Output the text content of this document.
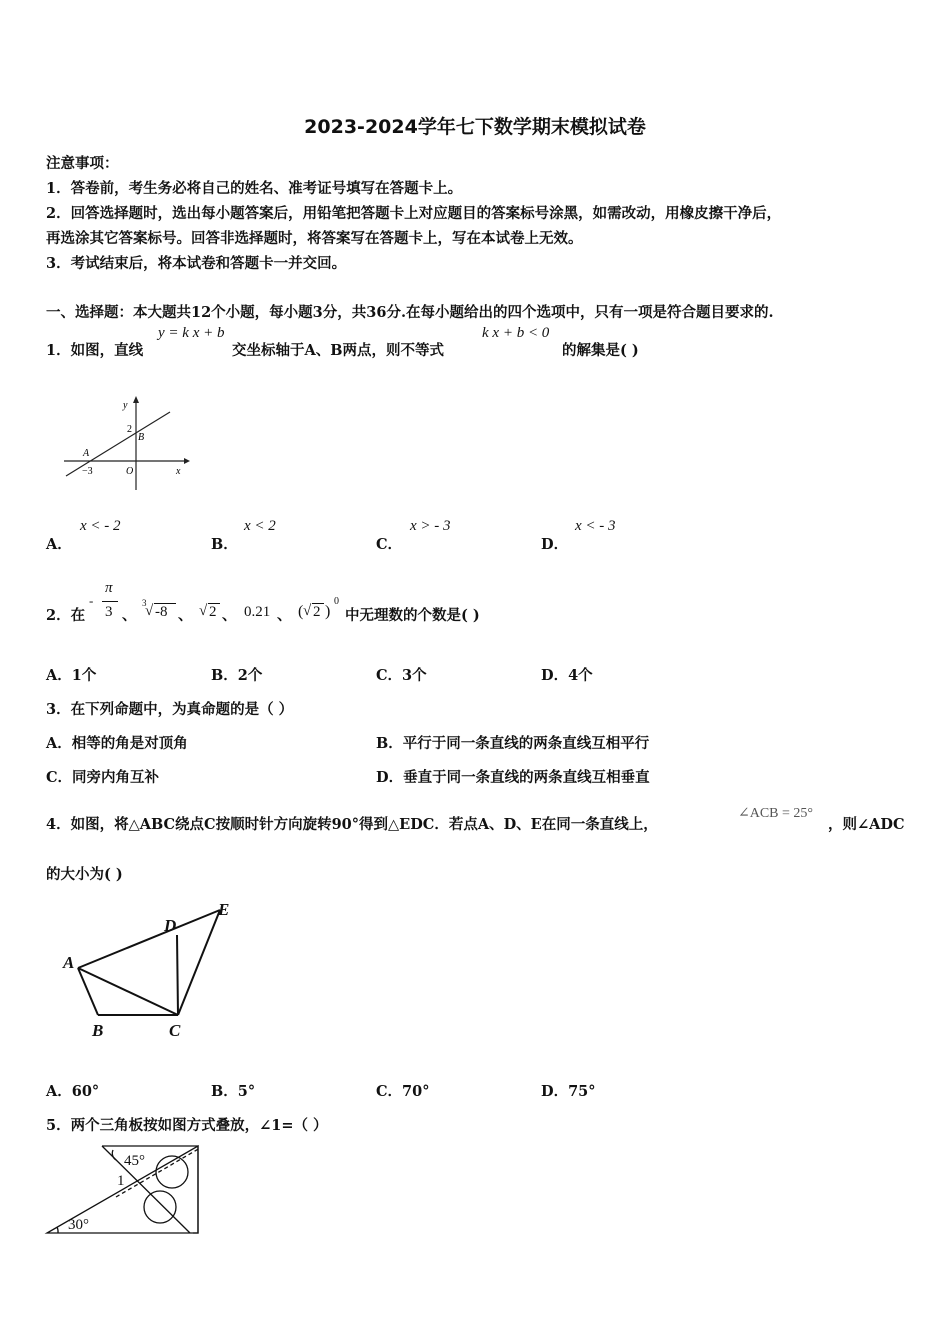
2023-2024学年七下数学期末模拟试卷
注意事项：
1．答卷前，考生务必将自己的姓名、准考证号填写在答题卡上。
2．回答选择题时，选出每小题答案后，用铅笔把答题卡上对应题目的答案标号涂黑，如需改动，用橡皮擦干净后，
再选涂其它答案标号。回答非选择题时，将答案写在答题卡上，写在本试卷上无效。
3．考试结束后，将本试卷和答题卡一并交回。
一、选择题：本大题共12个小题，每小题3分，共36分.在每小题给出的四个选项中，只有一项是符合题目要求的.
1．如图，直线
y = k x + b
交坐标轴于A、B两点，则不等式
k x + b < 0
的解集是( )
y
x
2
B
A
−3	O
A．
x < - 2
B．
x < 2
C．
x > - 3
D．
x < - 3
2．在
-
π
3 、
3
√ -8 、 √ 2 、 0.21 、 ( √ 2 )
0
中无理数的个数是( )
A．1个	B．2个	C．3个	D．4个
3．在下列命题中，为真命题的是（ ）
A．相等的角是对顶角	B．平行于同一条直线的两条直线互相平行
C．同旁内角互补	D．垂直于同一条直线的两条直线互相垂直
4．如图，将△ABC绕点C按顺时针方向旋转90°得到△EDC．若点A、D、E在同一条直线上，
∠ACB = 25°
，则∠ADC
的大小为( )
A
B	C
D
E
A．60°	B．5°	C．70°	D．75°
5．两个三角板按如图方式叠放，∠1=（ ）
45°
1
30°
